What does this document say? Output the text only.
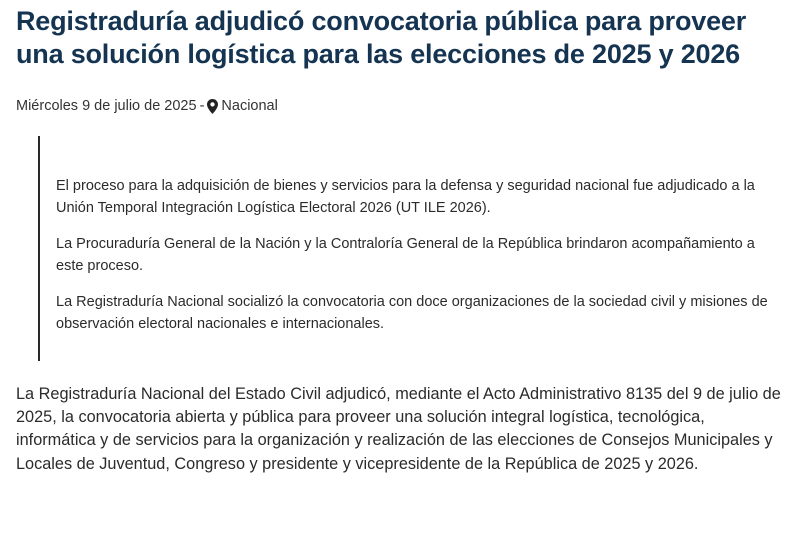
Registraduría adjudicó convocatoria pública para proveer una solución logística para las elecciones de 2025 y 2026
Miércoles 9 de julio de 2025 - Nacional

El proceso para la adquisición de bienes y servicios para la defensa y seguridad nacional fue adjudicado a la Unión Temporal Integración Logística Electoral 2026 (UT ILE 2026).

La Procuraduría General de la Nación y la Contraloría General de la República brindaron acompañamiento a este proceso.

La Registraduría Nacional socializó la convocatoria con doce organizaciones de la sociedad civil y misiones de observación electoral nacionales e internacionales.

La Registraduría Nacional del Estado Civil adjudicó, mediante el Acto Administrativo 8135 del 9 de julio de 2025, la convocatoria abierta y pública para proveer una solución integral logística, tecnológica, informática y de servicios para la organización y realización de las elecciones de Consejos Municipales y Locales de Juventud, Congreso y presidente y vicepresidente de la República de 2025 y 2026.
